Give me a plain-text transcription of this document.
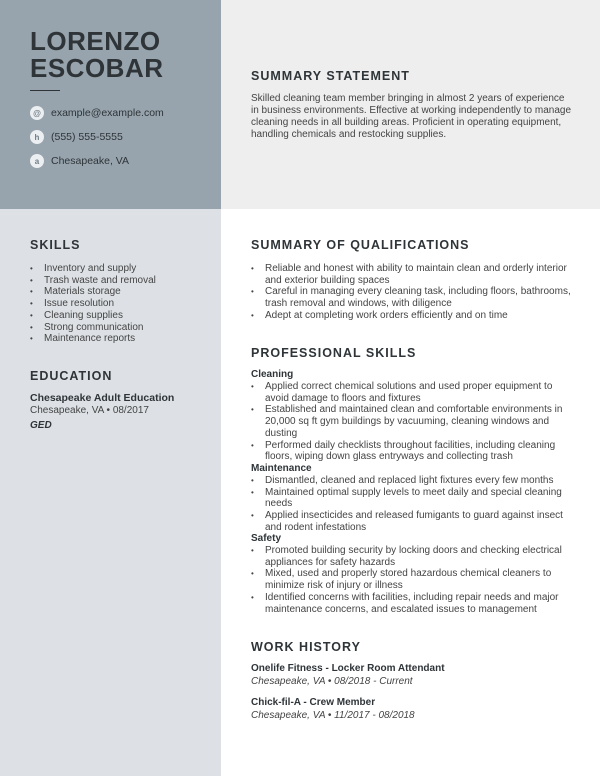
LORENZO
ESCOBAR
@ example@example.com
h	(555) 555-5555
a	Chesapeake, VA
SUMMARY STATEMENT
Skilled cleaning team member bringing in almost 2 years of experience in business environments. Effective at working independently to manage cleaning needs in all building areas. Proficient in operating equipment, handling chemicals and restocking supplies.
SKILLS
• Inventory and supply
• Trash waste and removal
• Materials storage
• Issue resolution
• Cleaning supplies
• Strong communication
• Maintenance reports
EDUCATION
Chesapeake Adult Education
Chesapeake, VA • 08/2017
GED
SUMMARY OF QUALIFICATIONS
• Reliable and honest with ability to maintain clean and orderly interior and exterior building spaces
• Careful in managing every cleaning task, including floors, bathrooms, trash removal and windows, with diligence
• Adept at completing work orders efficiently and on time
PROFESSIONAL SKILLS
Cleaning
• Applied correct chemical solutions and used proper equipment to avoid damage to floors and fixtures
• Established and maintained clean and comfortable environments in 20,000 sq ft gym buildings by vacuuming, cleaning windows and dusting
• Performed daily checklists throughout facilities, including cleaning floors, wiping down glass entryways and collecting trash
Maintenance
• Dismantled, cleaned and replaced light fixtures every few months
• Maintained optimal supply levels to meet daily and special cleaning needs
• Applied insecticides and released fumigants to guard against insect and rodent infestations
Safety
• Promoted building security by locking doors and checking electrical appliances for safety hazards
• Mixed, used and properly stored hazardous chemical cleaners to minimize risk of injury or illness
• Identified concerns with facilities, including repair needs and major maintenance concerns, and escalated issues to management
WORK HISTORY
Onelife Fitness - Locker Room Attendant
Chesapeake, VA • 08/2018 - Current
Chick-fil-A - Crew Member
Chesapeake, VA • 11/2017 - 08/2018
